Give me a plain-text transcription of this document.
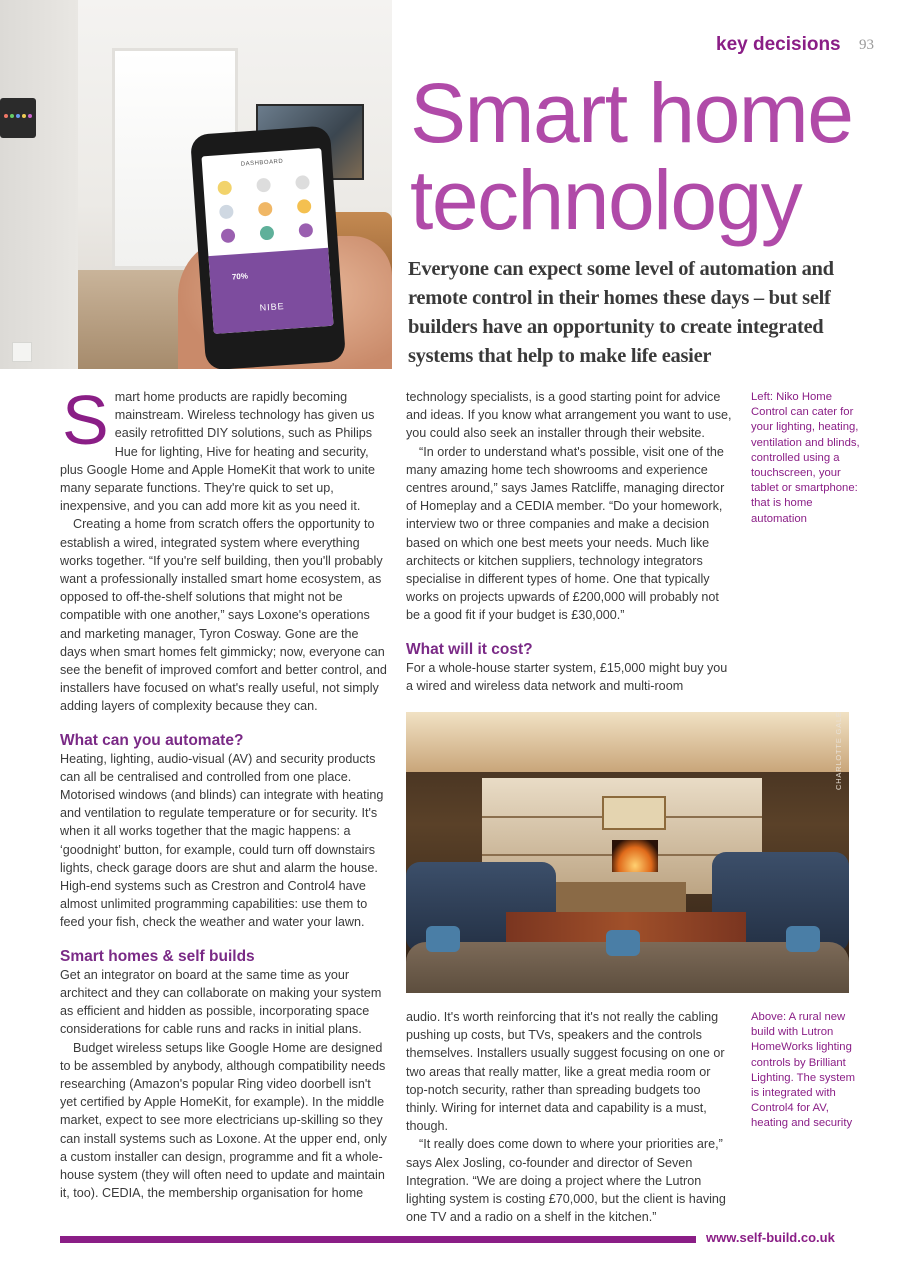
DASHBOARD
70%
NIBE
key decisions 93
Smart home
technology
Everyone can expect some level of automation and remote control in their homes these days – but self builders have an opportunity to create integrated systems that help to make life easier

Smart home products are rapidly becoming mainstream. Wireless technology has given us easily retrofitted DIY solutions, such as Philips Hue for lighting, Hive for heating and security, plus Google Home and Apple HomeKit that work to unite many separate functions. They're quick to set up, inexpensive, and you can add more kit as you need it.

Creating a home from scratch offers the opportunity to establish a wired, integrated system where everything works together. “If you're self building, then you'll probably want a professionally installed smart home ecosystem, as opposed to off-the-shelf solutions that might not be compatible with one another,” says Loxone's operations and marketing manager, Tyron Cosway. Gone are the days when smart homes felt gimmicky; now, everyone can see the benefit of improved comfort and better control, and installers have focused on what's really useful, not simply adding layers of complexity because they can.

What can you automate?

Heating, lighting, audio-visual (AV) and security products can all be centralised and controlled from one place. Motorised windows (and blinds) can integrate with heating and ventilation to regulate temperature or for security. It's when it all works together that the magic happens: a ‘goodnight’ button, for example, could turn off downstairs lights, check garage doors are shut and alarm the house. High-end systems such as Crestron and Control4 have almost unlimited programming capabilities: use them to feed your fish, check the weather and water your lawn.

Smart homes & self builds

Get an integrator on board at the same time as your architect and they can collaborate on making your system as efficient and hidden as possible, incorporating space considerations for cable runs and racks in initial plans.

Budget wireless setups like Google Home are designed to be assembled by anybody, although compatibility needs researching (Amazon's popular Ring video doorbell isn't yet certified by Apple HomeKit, for example). In the middle market, expect to see more electricians up-skilling so they can install systems such as Loxone. At the upper end, only a custom installer can design, programme and fit a whole-house system (they will often need to update and maintain it, too). CEDIA, the membership organisation for home

technology specialists, is a good starting point for advice and ideas. If you know what arrangement you want to use, you could also seek an installer through their website.

“In order to understand what's possible, visit one of the many amazing home tech showrooms and experience centres around,” says James Ratcliffe, managing director of Homeplay and a CEDIA member. “Do your homework, interview two or three companies and make a decision based on which one best meets your needs. Much like architects or kitchen suppliers, technology integrators specialise in different types of home. One that typically works on projects upwards of £200,000 will probably not be a good fit if your budget is £30,000.”

What will it cost?

For a whole-house starter system, £15,000 might buy you a wired and wireless data network and multi-room

CHARLOTTE GALE

audio. It's worth reinforcing that it's not really the cabling pushing up costs, but TVs, speakers and the controls themselves. Installers usually suggest focusing on one or two areas that really matter, like a great media room or top-notch security, rather than spreading budgets too thinly. Wiring for internet data and capability is a must, though.

“It really does come down to where your priorities are,” says Alex Josling, co-founder and director of Seven Integration. “We are doing a project where the Lutron lighting system is costing £70,000, but the client is having one TV and a radio on a shelf in the kitchen.”

Left: Niko Home Control can cater for your lighting, heating, ventilation and blinds, controlled using a touchscreen, your tablet or smartphone: that is home automation
Above: A rural new build with Lutron HomeWorks lighting controls by Brilliant Lighting. The system is integrated with Control4 for AV, heating and security
www.self-build.co.uk
